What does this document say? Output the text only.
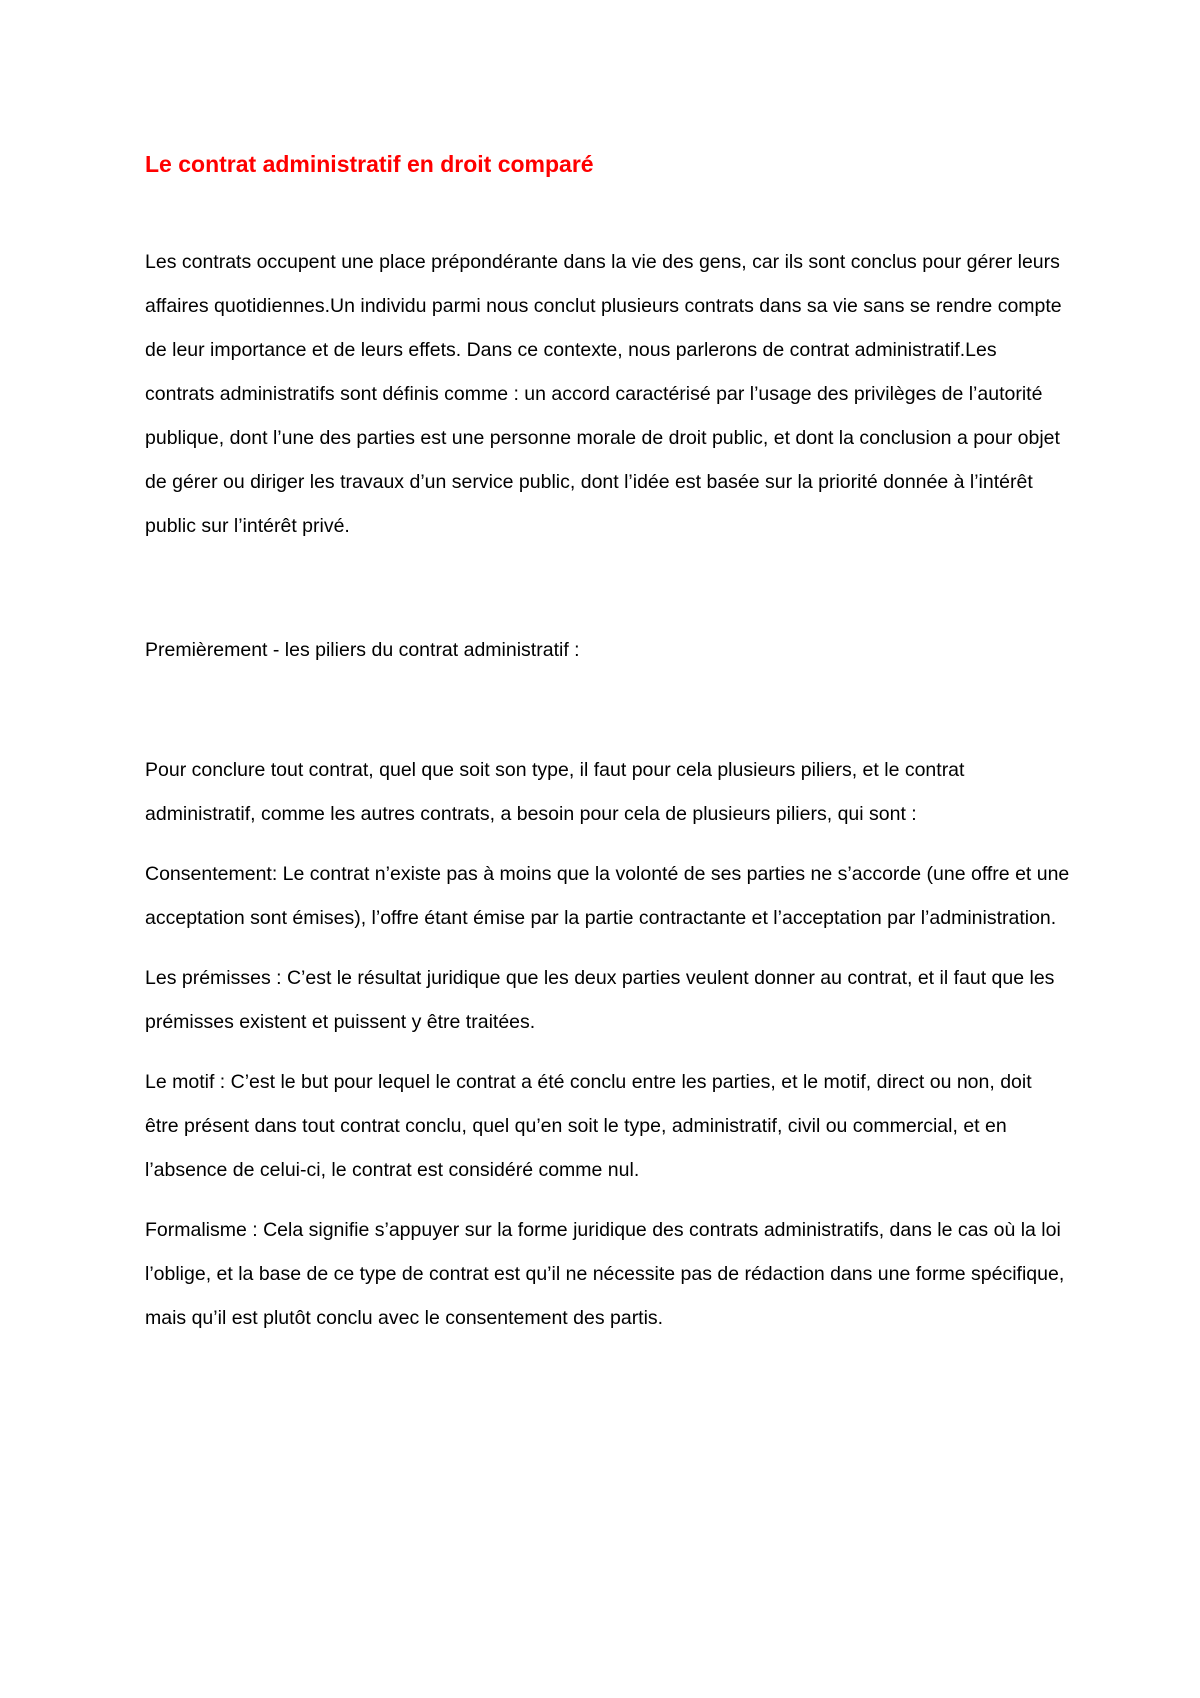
Le contrat administratif en droit comparé

Les contrats occupent une place prépondérante dans la vie des gens, car ils sont conclus pour gérer leurs affaires quotidiennes.Un individu parmi nous conclut plusieurs contrats dans sa vie sans se rendre compte de leur importance et de leurs effets. Dans ce contexte, nous parlerons de contrat administratif.Les contrats administratifs sont définis comme : un accord caractérisé par l’usage des privilèges de l’autorité publique, dont l’une des parties est une personne morale de droit public, et dont la conclusion a pour objet de gérer ou diriger les travaux d’un service public, dont l’idée est basée sur la priorité donnée à l’intérêt public sur l’intérêt privé.

Premièrement - les piliers du contrat administratif :

Pour conclure tout contrat, quel que soit son type, il faut pour cela plusieurs piliers, et le contrat administratif, comme les autres contrats, a besoin pour cela de plusieurs piliers, qui sont :

Consentement: Le contrat n’existe pas à moins que la volonté de ses parties ne s’accorde (une offre et une acceptation sont émises), l’offre étant émise par la partie contractante et l’acceptation par l’administration.

Les prémisses : C’est le résultat juridique que les deux parties veulent donner au contrat, et il faut que les prémisses existent et puissent y être traitées.

Le motif : C’est le but pour lequel le contrat a été conclu entre les parties, et le motif, direct ou non, doit être présent dans tout contrat conclu, quel qu’en soit le type, administratif, civil ou commercial, et en l’absence de celui-ci, le contrat est considéré comme nul.

Formalisme : Cela signifie s’appuyer sur la forme juridique des contrats administratifs, dans le cas où la loi l’oblige, et la base de ce type de contrat est qu’il ne nécessite pas de rédaction dans une forme spécifique, mais qu’il est plutôt conclu avec le consentement des partis.
